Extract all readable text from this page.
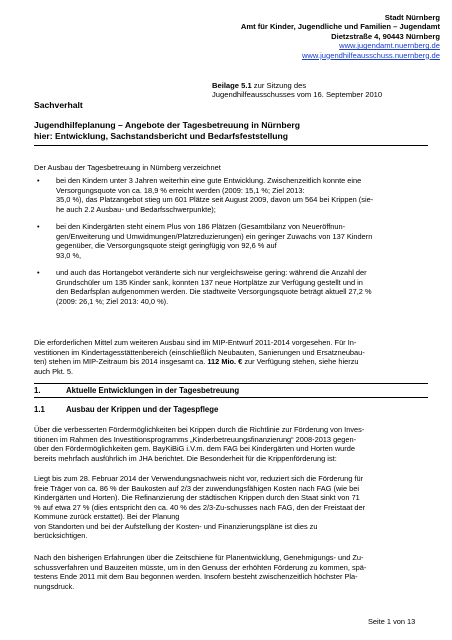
Stadt Nürnberg
Amt für Kinder, Jugendliche und Familien – Jugendamt
Dietzstraße 4, 90443 Nürnberg
www.jugendamt.nuernberg.de
www.jugendhilfeausschuss.nuernberg.de
Beilage 5.1 zur Sitzung des
Jugendhilfeausschusses vom 16. September 2010
Sachverhalt
Jugendhilfeplanung – Angebote der Tagesbetreuung in Nürnberg
hier: Entwicklung, Sachstandsbericht und Bedarfsfeststellung
Der Ausbau der Tagesbetreuung in Nürnberg verzeichnet
• bei den Kindern unter 3 Jahren weiterhin eine gute Entwicklung. Zwischenzeitlich konnte eine
Versorgungsquote von ca. 18,9 % erreicht werden (2009: 15,1 %; Ziel 2013:
35,0 %), das Platzangebot stieg um 601 Plätze seit August 2009, davon um 564 bei Krippen (sie-
he auch 2.2 Ausbau- und Bedarfsschwerpunkte);
• bei den Kindergärten steht einem Plus von 186 Plätzen (Gesamtbilanz von Neueröffnun-
gen/Erweiterung und Umwidmungen/Platzreduzierungen) ein geringer Zuwachs von 137 Kindern
gegenüber, die Versorgungsquote steigt geringfügig von 92,6 % auf
93,0 %,
• und auch das Hortangebot veränderte sich nur vergleichsweise gering: während die Anzahl der
Grundschüler um 135 Kinder sank, konnten 137 neue Hortplätze zur Verfügung gestellt und in
den Bedarfsplan aufgenommen werden. Die stadtweite Versorgungsquote beträgt aktuell 27,2 %
(2009: 26,1 %; Ziel 2013: 40,0 %).
Die erforderlichen Mittel zum weiteren Ausbau sind im MIP-Entwurf 2011-2014 vorgesehen. Für In-
vestitionen im Kindertagesstättenbereich (einschließlich Neubauten, Sanierungen und Ersatzneubau-
ten) stehen im MIP-Zeitraum bis 2014 insgesamt ca. 112 Mio. € zur Verfügung stehen, siehe hierzu
auch Pkt. 5.
1.	Aktuelle Entwicklungen in der Tagesbetreuung
1.1	Ausbau der Krippen und der Tagespflege
Über die verbesserten Fördermöglichkeiten bei Krippen durch die Richtlinie zur Förderung von Inves-
titionen im Rahmen des Investitionsprogramms „Kinderbetreuungsfinanzierung“ 2008-2013 gegen-
über den Fördermöglichkeiten gem. BayKiBiG i.V.m. dem FAG bei Kindergärten und Horten wurde
bereits mehrfach ausführlich im JHA berichtet. Die Besonderheit für die Krippenförderung ist:
Liegt bis zum 28. Februar 2014 der Verwendungsnachweis nicht vor, reduziert sich die Förderung für
freie Träger von ca. 86 % der Baukosten auf 2/3 der zuwendungsfähigen Kosten nach FAG (wie bei
Kindergärten und Horten). Die Refinanzierung der städtischen Krippen durch den Staat sinkt von 71
% auf etwa 27 % (dies entspricht den ca. 40 % des 2/3-Zu-schusses nach FAG, den der Freistaat der
Kommune zurück erstattet). Bei der Planung
von Standorten und bei der Aufstellung der Kosten- und Finanzierungspläne ist dies zu
berücksichtigen.
Nach den bisherigen Erfahrungen über die Zeitschiene für Planentwicklung, Genehmigungs- und Zu-
schussverfahren und Bauzeiten müsste, um in den Genuss der erhöhten Förderung zu kommen, spä-
testens Ende 2011 mit dem Bau begonnen werden. Insofern besteht zwischenzeitlich höchster Pla-
nungsdruck.
Seite 1 von 13
